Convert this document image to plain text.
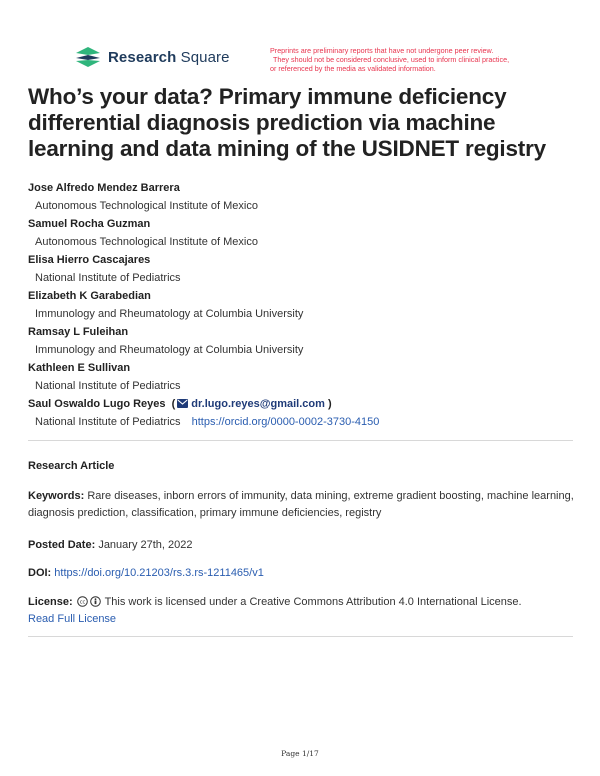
Research Square	Preprints are preliminary reports that have not undergone peer review.
They should not be considered conclusive, used to inform clinical practice,
or referenced by the media as validated information.
Who’s your data? Primary immune deficiency differential diagnosis prediction via machine learning and data mining of the USIDNET registry
Jose Alfredo Mendez Barrera
Autonomous Technological Institute of Mexico
Samuel Rocha Guzman
Autonomous Technological Institute of Mexico
Elisa Hierro Cascajares
National Institute of Pediatrics
Elizabeth K Garabedian
Immunology and Rheumatology at Columbia University
Ramsay L Fuleihan
Immunology and Rheumatology at Columbia University
Kathleen E Sullivan
National Institute of Pediatrics
Saul Oswaldo Lugo Reyes ( dr.lugo.reyes@gmail.com )
National Institute of Pediatrics https://orcid.org/0000-0002-3730-4150
Research Article
Keywords: Rare diseases, inborn errors of immunity, data mining, extreme gradient boosting, machine learning, diagnosis prediction, classification, primary immune deficiencies, registry
Posted Date: January 27th, 2022
DOI: https://doi.org/10.21203/rs.3.rs-1211465/v1
License: cc This work is licensed under a Creative Commons Attribution 4.0 International License.
Read Full License
Page 1/17
